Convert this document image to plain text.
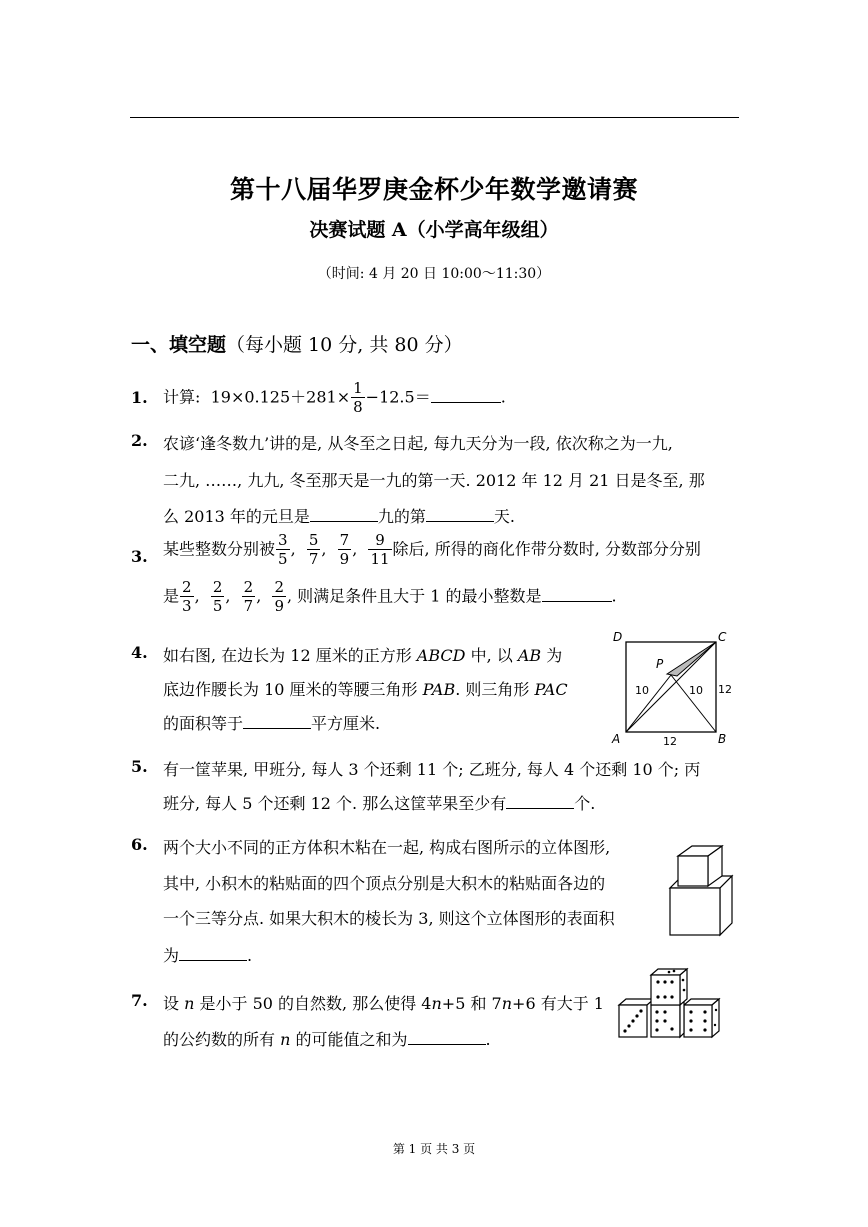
第十八届华罗庚金杯少年数学邀请赛
决赛试题 A（小学高年级组）
（时间: 4 月 20 日 10:00～11:30）
一、填空题（每小题 10 分, 共 80 分）
1. 计算: $19\times 0.125+281\times \frac{1}{8} -12.5=$	.
2. 农谚‘逢冬数九’讲的是, 从冬至之日起, 每九天分为一段, 依次称之为一九,
二九, ……, 九九, 冬至那天是一九的第一天. 2012 年 12 月 21 日是冬至, 那
么 2013 年的元旦是	九的第	天.
3. 某些整数分别被 $\frac{3}{5}$ , $\frac{5}{7}$ , $\frac{7}{9}$ , $\frac{9}{11}$ 除后, 所得的商化作带分数时, 分数部分分别
是 $\frac{2}{3}$ , $\frac{2}{5}$ , $\frac{2}{7}$ , $\frac{2}{9}$ , 则满足条件且大于 1 的最小整数是	.
4. 如右图, 在边长为 12 厘米的正方形 ABCD 中, 以 AB 为
底边作腰长为 10 厘米的等腰三角形 PAB. 则三角形 PAC
的面积等于	平方厘米.
D	C
P
10	10 12
A	12	B
5. 有一筐苹果, 甲班分, 每人 3 个还剩 11 个; 乙班分, 每人 4 个还剩 10 个; 丙
班分, 每人 5 个还剩 12 个. 那么这筐苹果至少有	个.
6. 两个大小不同的正方体积木粘在一起, 构成右图所示的立体图形,
其中, 小积木的粘贴面的四个顶点分别是大积木的粘贴面各边的
一个三等分点. 如果大积木的棱长为 3, 则这个立体图形的表面积
为	.
7. 设 n 是小于 50 的自然数, 那么使得 4n+5 和 7n+6 有大于 1
的公约数的所有 n 的可能值之和为	.
第 1 页 共 3 页
